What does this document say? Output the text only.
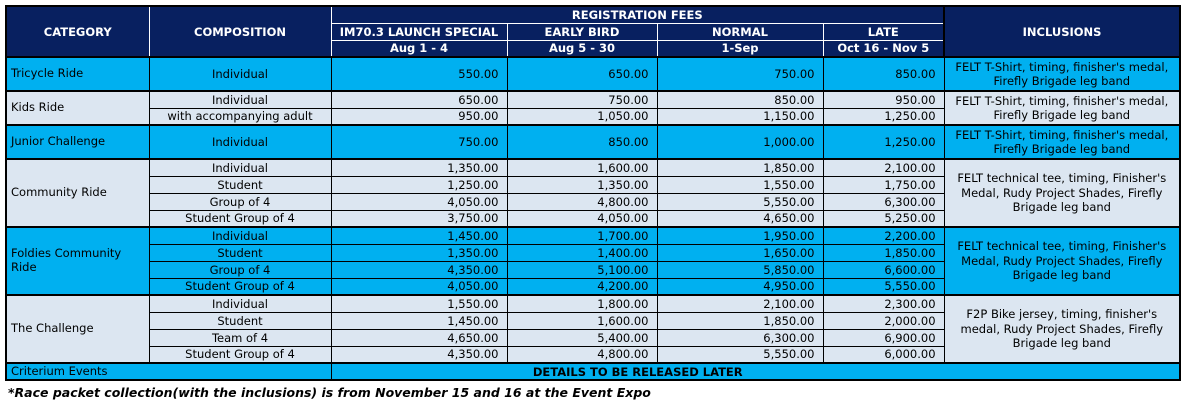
CATEGORY	COMPOSITION	REGISTRATION FEES				INCLUSIONS
		IM70.3 LAUNCH SPECIAL	EARLY BIRD	NORMAL	LATE	
		Aug 1 - 4	Aug 5 - 30	1-Sep	Oct 16 - Nov 5	
Tricycle Ride	Individual	550.00	650.00	750.00	850.00	FELT T-Shirt, timing, finisher's medal, Firefly Brigade leg band
Kids Ride	Individual	650.00	750.00	850.00	950.00	FELT T-Shirt, timing, finisher's medal, Firefly Brigade leg band
	with accompanying adult	950.00	1,050.00	1,150.00	1,250.00	
Junior Challenge	Individual	750.00	850.00	1,000.00	1,250.00	FELT T-Shirt, timing, finisher's medal, Firefly Brigade leg band
Community Ride	Individual	1,350.00	1,600.00	1,850.00	2,100.00	FELT technical tee, timing, Finisher's Medal, Rudy Project Shades, Firefly Brigade leg band
	Student	1,250.00	1,350.00	1,550.00	1,750.00	
	Group of 4	4,050.00	4,800.00	5,550.00	6,300.00	
	Student Group of 4	3,750.00	4,050.00	4,650.00	5,250.00	
Foldies Community Ride	Individual	1,450.00	1,700.00	1,950.00	2,200.00	FELT technical tee, timing, Finisher's Medal, Rudy Project Shades, Firefly Brigade leg band
	Student	1,350.00	1,400.00	1,650.00	1,850.00	
	Group of 4	4,350.00	5,100.00	5,850.00	6,600.00	
	Student Group of 4	4,050.00	4,200.00	4,950.00	5,550.00	
The Challenge	Individual	1,550.00	1,800.00	2,100.00	2,300.00	F2P Bike jersey, timing, finisher's medal, Rudy Project Shades, Firefly Brigade leg band
	Student	1,450.00	1,600.00	1,850.00	2,000.00	
	Team of 4	4,650.00	5,400.00	6,300.00	6,900.00	
	Student Group of 4	4,350.00	4,800.00	5,550.00	6,000.00	
Criterium Events		DETAILS TO BE RELEASED LATER				
*Race packet collection(with the inclusions) is from November 15 and 16 at the Event Expo
